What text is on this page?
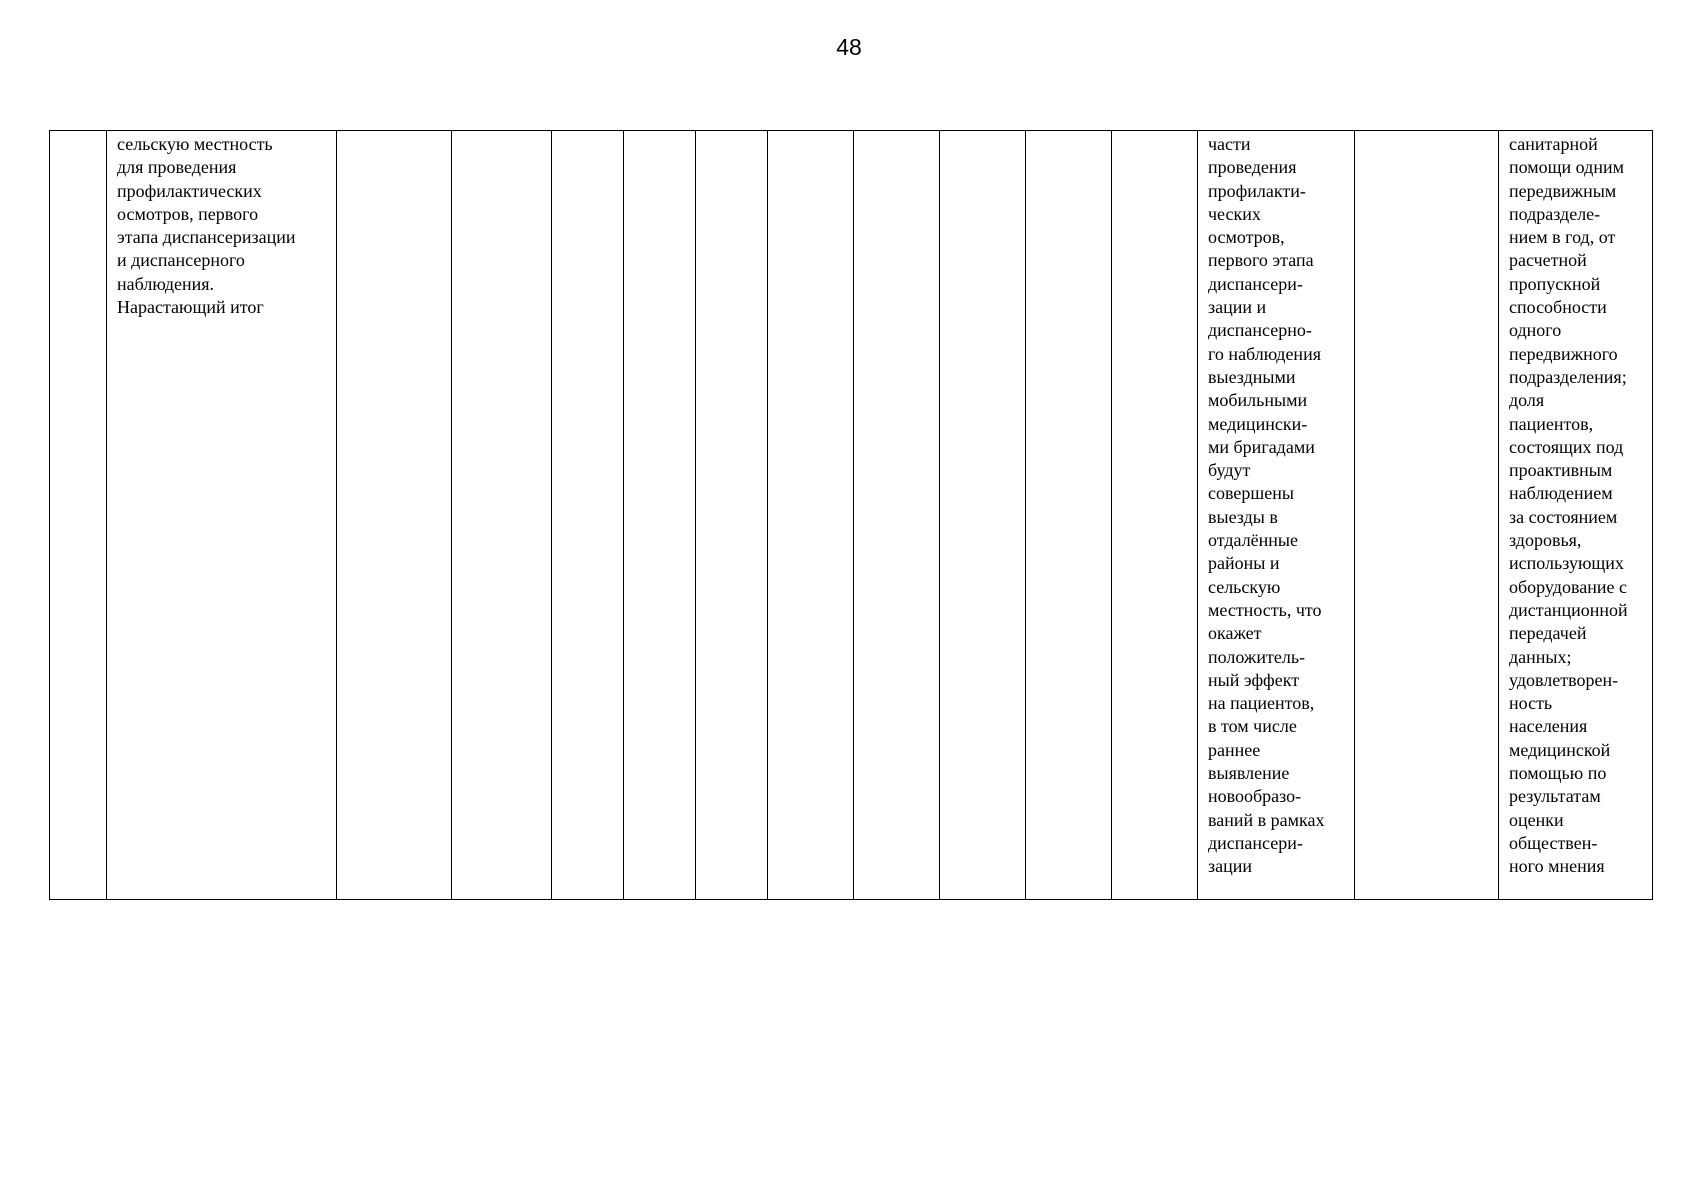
48
	сельскую местность
для проведения
профилактических
осмотров, первого
этапа диспансеризации
и диспансерного
наблюдения.
Нарастающий итог											части
проведения
профилакти-
ческих
осмотров,
первого этапа
диспансери-
зации и
диспансерно-
го наблюдения
выездными
мобильными
медицински-
ми бригадами
будут
совершены
выезды в
отдалённые
районы и
сельскую
местность, что
окажет
положитель-
ный эффект
на пациентов,
в том числе
раннее
выявление
новообразо-
ваний в рамках
диспансери-
зации		санитарной
помощи одним
передвижным
подразделе-
нием в год, от
расчетной
пропускной
способности
одного
передвижного
подразделения;
доля
пациентов,
состоящих под
проактивным
наблюдением
за состоянием
здоровья,
использующих
оборудование с
дистанционной
передачей
данных;
удовлетворен-
ность
населения
медицинской
помощью по
результатам
оценки
обществен-
ного мнения
